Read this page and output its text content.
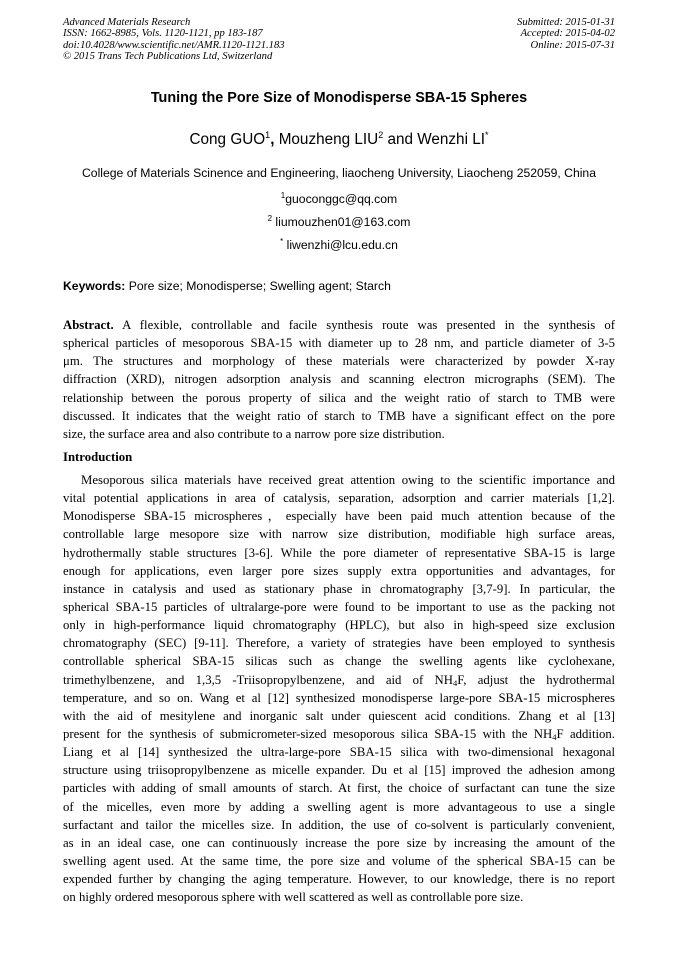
Advanced Materials Research
ISSN: 1662-8985, Vols. 1120-1121, pp 183-187
doi:10.4028/www.scientific.net/AMR.1120-1121.183
© 2015 Trans Tech Publications Ltd, Switzerland
Submitted: 2015-01-31
Accepted: 2015-04-02
Online: 2015-07-31
Tuning the Pore Size of Monodisperse SBA-15 Spheres
Cong GUO$^1$, Mouzheng LIU$^2$ and Wenzhi LI*
College of Materials Scinence and Engineering, liaocheng University, Liaocheng 252059, China
$^1$guoconggc@qq.com
$^2$ liumouzhen01@163.com
* liwenzhi@lcu.edu.cn
Keywords: Pore size; Monodisperse; Swelling agent; Starch
Abstract. A flexible, controllable and facile synthesis route was presented in the synthesis of
spherical particles of mesoporous SBA-15 with diameter up to 28 nm, and particle diameter of 3-5
μm. The structures and morphology of these materials were characterized by powder X-ray
diffraction (XRD), nitrogen adsorption analysis and scanning electron micrographs (SEM). The
relationship between the porous property of silica and the weight ratio of starch to TMB were
discussed. It indicates that the weight ratio of starch to TMB have a significant effect on the pore
size, the surface area and also contribute to a narrow pore size distribution.
Introduction
Mesoporous silica materials have received great attention owing to the scientific importance and
vital potential applications in area of catalysis, separation, adsorption and carrier materials [1,2].
Monodisperse SBA-15 microspheres，especially have been paid much attention because of the
controllable large mesopore size with narrow size distribution, modifiable high surface areas,
hydrothermally stable structures [3-6]. While the pore diameter of representative SBA-15 is large
enough for applications, even larger pore sizes supply extra opportunities and advantages, for
instance in catalysis and used as stationary phase in chromatography [3,7-9]. In particular, the
spherical SBA-15 particles of ultralarge-pore were found to be important to use as the packing not
only in high-performance liquid chromatography (HPLC), but also in high-speed size exclusion
chromatography (SEC) [9-11]. Therefore, a variety of strategies have been employed to synthesis
controllable spherical SBA-15 silicas such as change the swelling agents like cyclohexane,
trimethylbenzene, and 1,3,5 -Triisopropylbenzene, and aid of $NH_4F$, adjust the hydrothermal
temperature, and so on. Wang et al [12] synthesized monodisperse large-pore SBA-15 microspheres
with the aid of mesitylene and inorganic salt under quiescent acid conditions. Zhang et al [13]
present for the synthesis of submicrometer-sized mesoporous silica SBA-15 with the $NH_4F$ addition.
Liang et al [14] synthesized the ultra-large-pore SBA-15 silica with two-dimensional hexagonal
structure using triisopropylbenzene as micelle expander. Du et al [15] improved the adhesion among
particles with adding of small amounts of starch. At first, the choice of surfactant can tune the size
of the micelles, even more by adding a swelling agent is more advantageous to use a single
surfactant and tailor the micelles size. In addition, the use of co-solvent is particularly convenient,
as in an ideal case, one can continuously increase the pore size by increasing the amount of the
swelling agent used. At the same time, the pore size and volume of the spherical SBA-15 can be
expended further by changing the aging temperature. However, to our knowledge, there is no report
on highly ordered mesoporous sphere with well scattered as well as controllable pore size.
